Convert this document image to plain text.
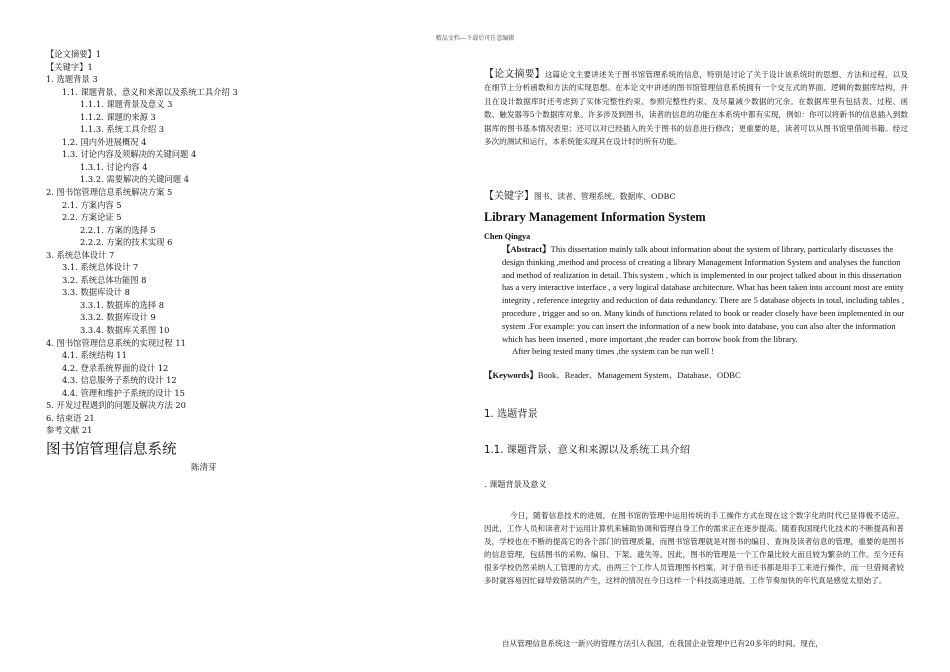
精品文档---下载后可任意编辑
【论文摘要】1
【关键字】1
1. 选题背景 3
1.1. 课题背景、意义和来源以及系统工具介绍 3
1.1.1. 课题背景及意义 3
1.1.2. 课题的来源 3
1.1.3. 系统工具介绍 3
1.2. 国内外进展概况 4
1.3. 讨论内容及须解决的关键问题 4
1.3.1. 讨论内容 4
1.3.2. 需要解决的关键问题 4
2. 图书馆管理信息系统解决方案 5
2.1. 方案内容 5
2.2. 方案论证 5
2.2.1. 方案的选择 5
2.2.2. 方案的技术实现 6
3. 系统总体设计 7
3.1. 系统总体设计 7
3.2. 系统总体功能图 8
3.3. 数据库设计 8
3.3.1. 数据库的选择 8
3.3.2. 数据库设计 9
3.3.4. 数据库关系图 10
4. 图书馆管理信息系统的实现过程 11
4.1. 系统结构 11
4.2. 登录系统界面的设计 12
4.3. 信息服务子系统的设计 12
4.4. 管理和维护子系统的设计 15
5. 开发过程遇到的问题及解决方法 20
6. 结束语 21
参考文献 21
图书馆管理信息系统
陈清芽
【论文摘要】这篇论文主要讲述关于图书馆管理系统的信息，特别是讨论了关于设计该系统时的思想、方法和过程，以及在细节上分析函数和方法的实现思想。在本论文中讲述的图书馆管理信息系统拥有一个交互式的界面、逻辑的数据库结构，并且在设计数据库时还考虑到了实体完整性约束、参照完整性约束、及尽量减少数据的冗余。在数据库里有包括表、过程、函数、触发器等5个数据库对象。许多涉及到图书，读者的信息的功能在本系统中都有实现，例如：你可以将新书的信息插入到数据库的图书基本情况表里；还可以对已经插入的关于图书的信息进行修改；更重要的是，读者可以从图书馆里借阅书籍。经过多次的测试和运行，本系统能实现其在设计时的所有功能。
【关键字】图书、读者、管理系统、数据库、ODBC
Library Management Information System
Chen Qingya
【Abstract】This dissertation mainly talk about information about the system of library, particularly discusses the design thinking ,method and process of creating a library Management Information System and analyses the function and method of realization in detail. This system , which is implemented in our project talked about in this dissertation has a very interactive interface , a very logical database architecture. What has been taken into account most are entity integrity , reference integrity and reduction of data redundancy. There are 5 database objects in total, including tables , procedure , trigger and so on. Many kinds of functions related to book or reader closely have been implemented in our system .For example: you can insert the information of a new book into database, you can also alter the information which has been inserted , more important ,the reader can borrow book from the library.
After being tested many times ,the system can be run well !
【Keywords】Book、Reader、Management System、Database、ODBC
1. 选题背景
1.1. 课题背景、意义和来源以及系统工具介绍
. 课题背景及意义
今日，随着信息技术的进展，在图书馆的管理中运用传统的手工操作方式在现在这个数字化的时代已显得极不适应。因此，工作人员和读者对于运用计算机来辅助协调和管理自身工作的需求正在逐步提高。随着我国现代化技术的不断提高和普及，学校也在不断的提高它的各个部门的管理质量，而图书馆管理就是对图书的编目、查询及读者信息的管理，重要的是图书的信息管理，包括图书的采购、编目、下架、遗失等。因此，图书的管理是一个工作量比较大而且较为繁杂的工作。至今还有很多学校仍然采纳人工管理的方式。由两三个工作人员管理图书档案，对于借书还书都是用手工来进行操作，而一旦借阅者较多时就容易因忙碌导致错误的产生，这样的情况在今日这样一个科技高速进展、工作节奏加快的年代真是感觉太原始了。
自从管理信息系统这一新兴的管理方法引入我国，在我国企业管理中已有20多年的时间。现在，
